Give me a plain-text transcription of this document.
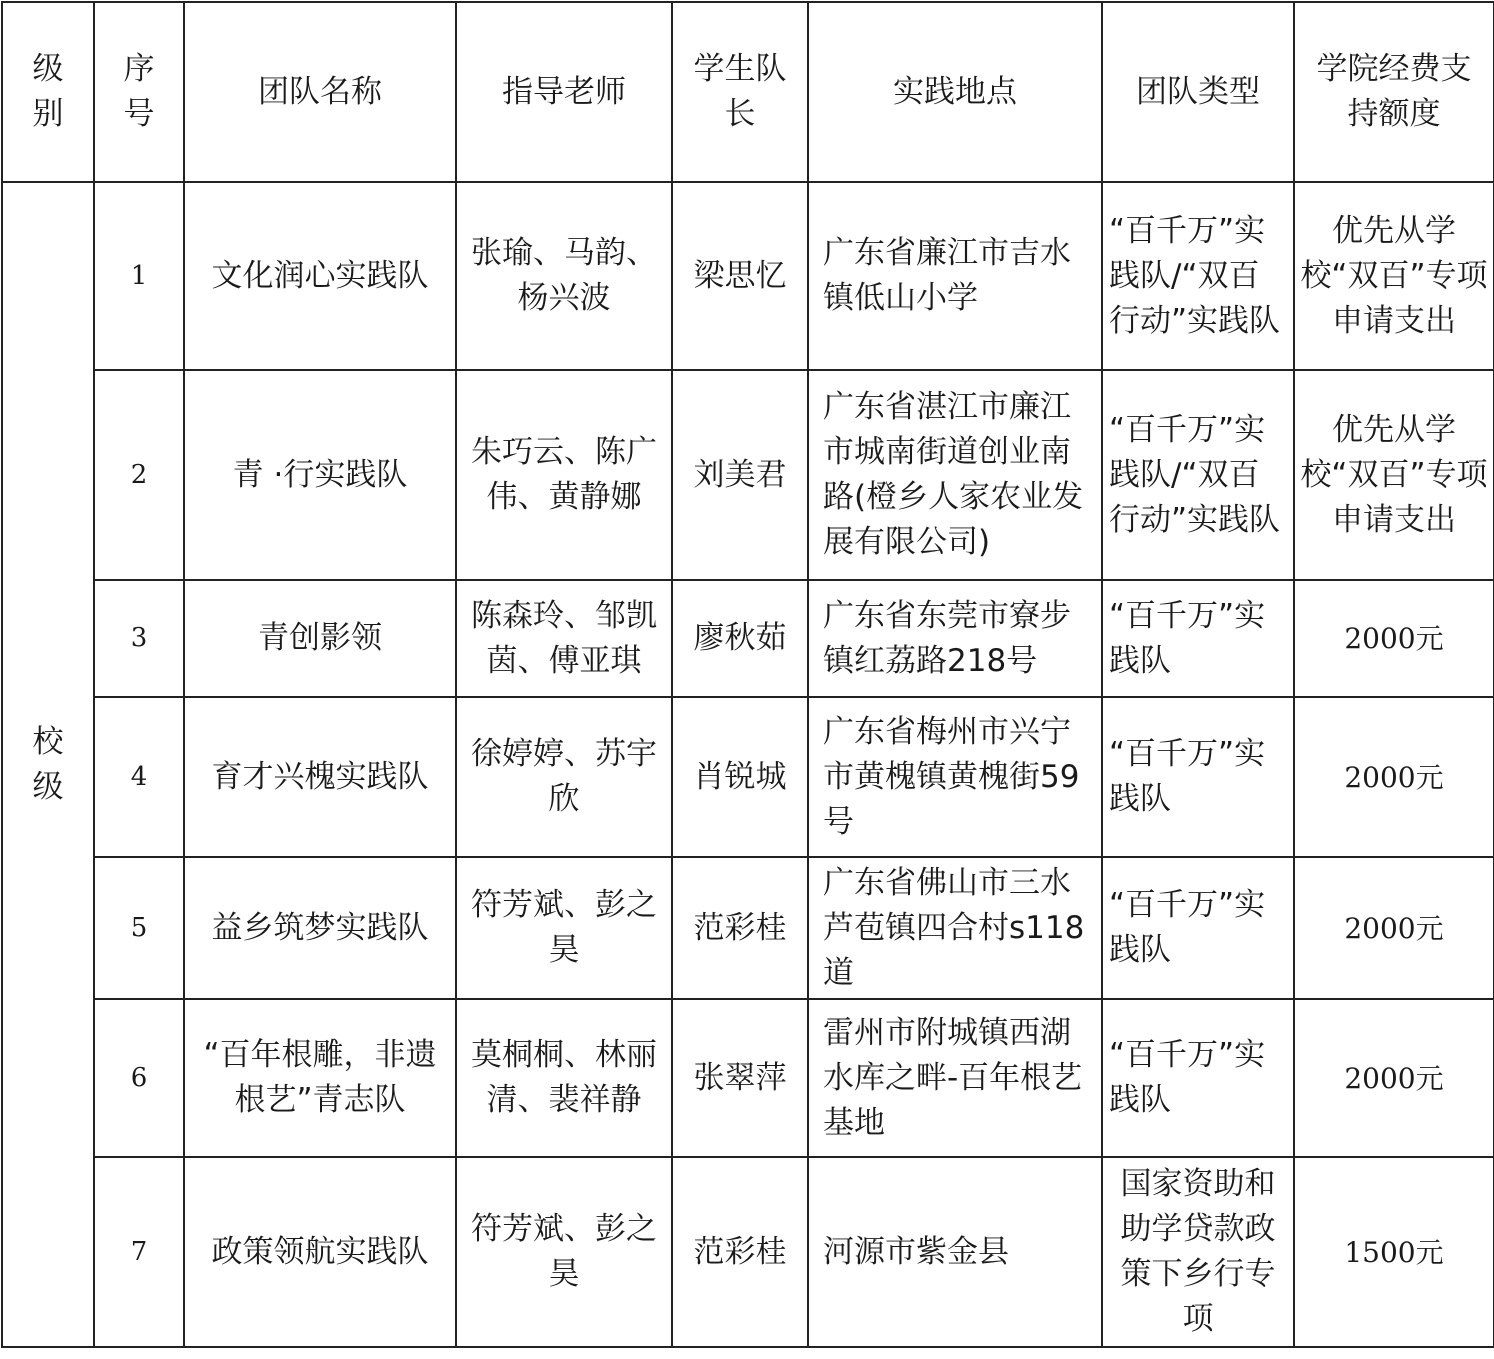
级别	序号	团队名称	指导老师	学生队长	实践地点	团队类型	学院经费支持额度
校级	1	文化润心实践队	张瑜、马韵、杨兴波	梁思忆	广东省廉江市吉水镇低山小学	“百千万”实践队/“双百行动”实践队	优先从学校“双百”专项申请支出
	2	青 ·行实践队	朱巧云、陈广伟、黄静娜	刘美君	广东省湛江市廉江市城南街道创业南路(橙乡人家农业发展有限公司)	“百千万”实践队/“双百行动”实践队	优先从学校“双百”专项申请支出
	3	青创影领	陈森玲、邹凯茵、傅亚琪	廖秋茹	广东省东莞市寮步镇红荔路218号	“百千万”实践队	2000元
	4	育才兴槐实践队	徐婷婷、苏宇欣	肖锐城	广东省梅州市兴宁市黄槐镇黄槐街59号	“百千万”实践队	2000元
	5	益乡筑梦实践队	符芳斌、彭之昊	范彩桂	广东省佛山市三水芦苞镇四合村s118道	“百千万”实践队	2000元
	6	“百年根雕，非遗根艺”青志队	莫桐桐、林丽清、裴祥静	张翠萍	雷州市附城镇西湖水库之畔-百年根艺基地	“百千万”实践队	2000元
	7	政策领航实践队	符芳斌、彭之昊	范彩桂	河源市紫金县	国家资助和助学贷款政策下乡行专项	1500元
